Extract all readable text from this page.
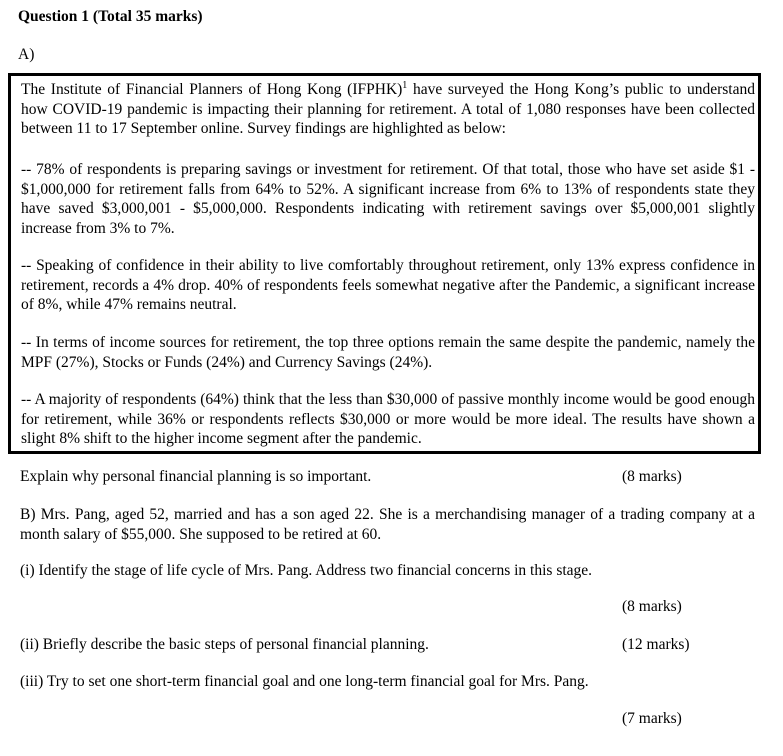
Question 1 (Total 35 marks)
A)

The Institute of Financial Planners of Hong Kong (IFPHK)$^1$ have surveyed the Hong Kong’s public to understand how COVID-19 pandemic is impacting their planning for retirement. A total of 1,080 responses have been collected between 11 to 17 September online. Survey findings are highlighted as below:

-- 78% of respondents is preparing savings or investment for retirement. Of that total, those who have set aside $1 - $1,000,000 for retirement falls from 64% to 52%. A significant increase from 6% to 13% of respondents state they have saved $3,000,001 - $5,000,000. Respondents indicating with retirement savings over $5,000,001 slightly increase from 3% to 7%.

-- Speaking of confidence in their ability to live comfortably throughout retirement, only 13% express confidence in retirement, records a 4% drop. 40% of respondents feels somewhat negative after the Pandemic, a significant increase of 8%, while 47% remains neutral.

-- In terms of income sources for retirement, the top three options remain the same despite the pandemic, namely the MPF (27%), Stocks or Funds (24%) and Currency Savings (24%).

-- A majority of respondents (64%) think that the less than $30,000 of passive monthly income would be good enough for retirement, while 36% or respondents reflects $30,000 or more would be more ideal. The results have shown a slight 8% shift to the higher income segment after the pandemic.

Explain why personal financial planning is so important.	(8 marks)

B) Mrs. Pang, aged 52, married and has a son aged 22. She is a merchandising manager of a trading company at a month salary of $55,000. She supposed to be retired at 60.

(i) Identify the stage of life cycle of Mrs. Pang. Address two financial concerns in this stage.
(8 marks)
(ii) Briefly describe the basic steps of personal financial planning.	(12 marks)
(iii) Try to set one short-term financial goal and one long-term financial goal for Mrs. Pang.
(7 marks)
